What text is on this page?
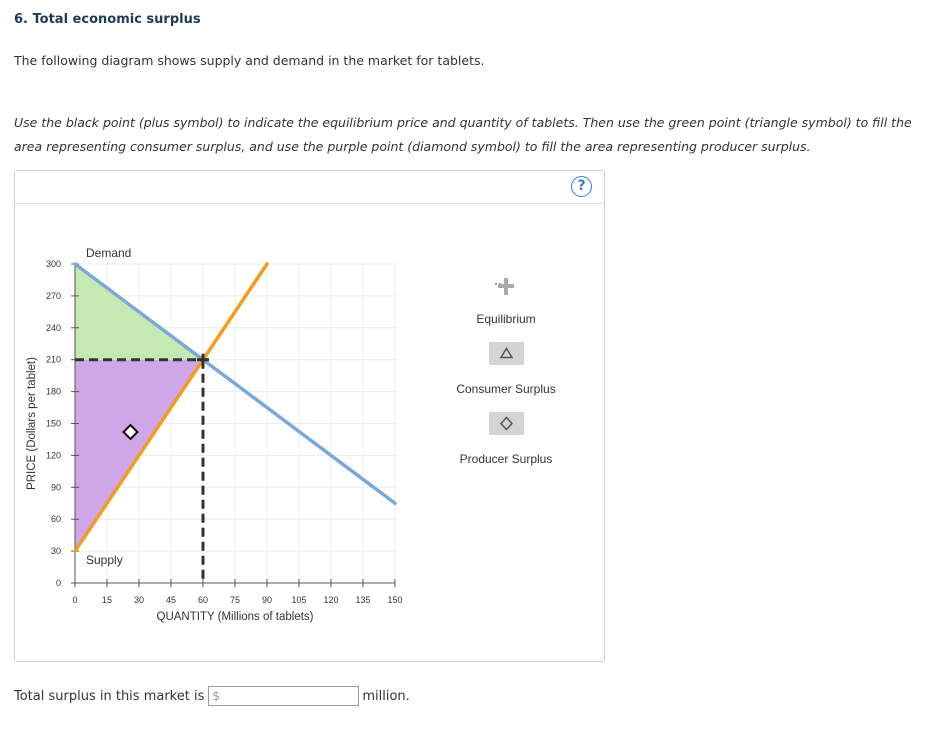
6. Total economic surplus

The following diagram shows supply and demand in the market for tablets.

Use the black point (plus symbol) to indicate the equilibrium price and quantity of tablets. Then use the green point (triangle symbol) to fill the area representing consumer surplus, and use the purple point (diamond symbol) to fill the area representing producer surplus.

?
0	15 30 45 60 75 90 105 120 135 150
0
30
60
90
120
150
180
210
240
270
300
QUANTITY (Millions of tablets)
PRICE (Dollars per tablet)
Demand
Supply
Equilibrium
Consumer Surplus
Producer Surplus
Total surplus in this market is $	million.
